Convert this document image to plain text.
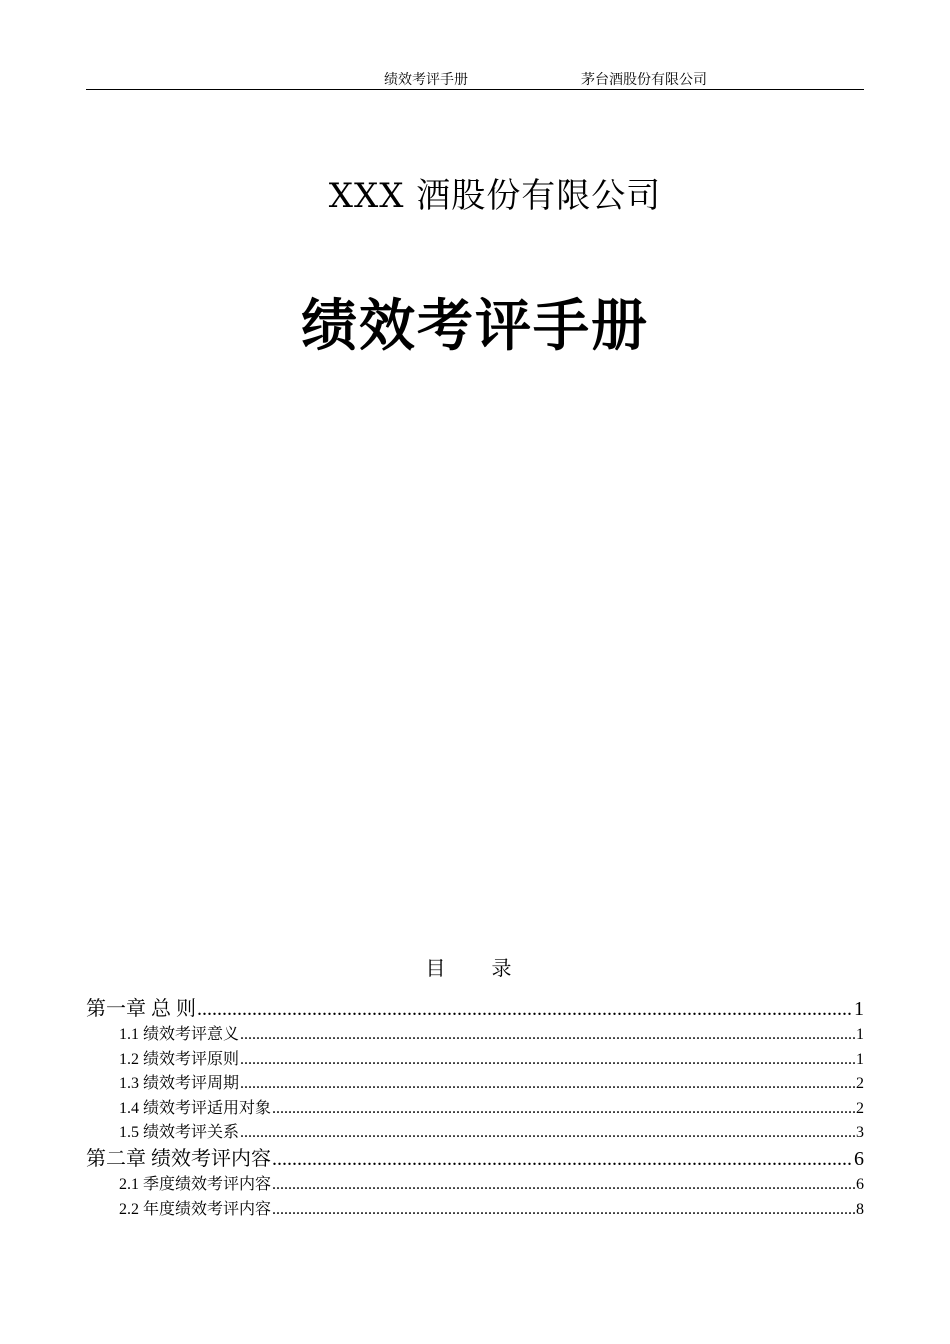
绩效考评手册	茅台酒股份有限公司
XXX 酒股份有限公司
绩效考评手册
目 录
第一章 总 则 .....	1
1.1 绩效考评意义 .....	1
1.2 绩效考评原则 .....	1
1.3 绩效考评周期 .....	2
1.4 绩效考评适用对象 .....	2
1.5 绩效考评关系 .....	3
第二章 绩效考评内容 .....	6
2.1 季度绩效考评内容 .....	6
2.2 年度绩效考评内容 .....	8
